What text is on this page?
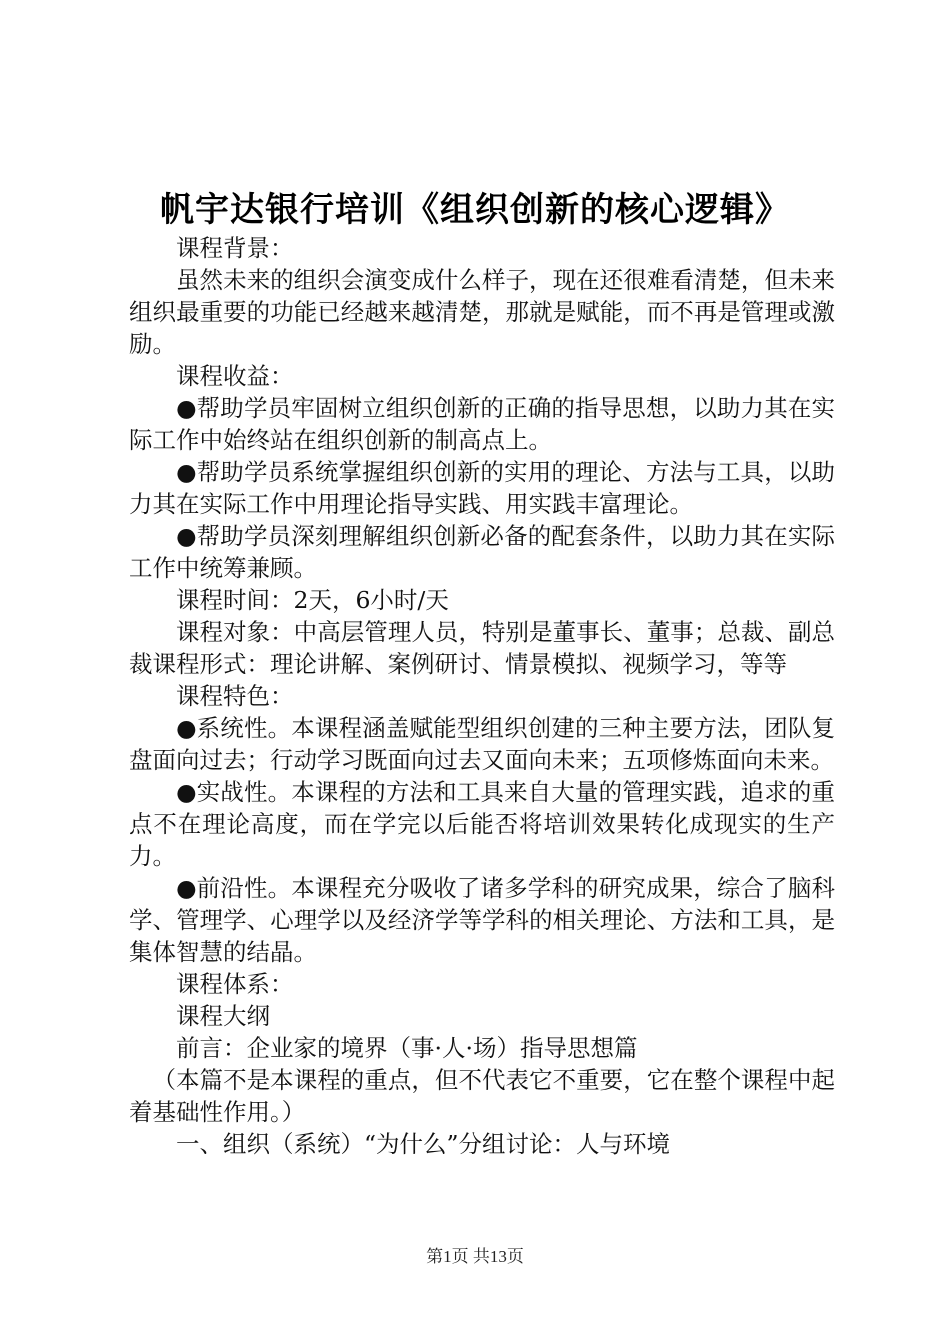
帆宇达银行培训《组织创新的核心逻辑》

课程背景：

虽然未来的组织会演变成什么样子，现在还很难看清楚，但未来组织最重要的功能已经越来越清楚，那就是赋能，而不再是管理或激励。

课程收益：

●帮助学员牢固树立组织创新的正确的指导思想，以助力其在实际工作中始终站在组织创新的制高点上。

●帮助学员系统掌握组织创新的实用的理论、方法与工具，以助力其在实际工作中用理论指导实践、用实践丰富理论。

●帮助学员深刻理解组织创新必备的配套条件，以助力其在实际工作中统筹兼顾。

课程时间：2天，6小时/天

课程对象：中高层管理人员，特别是董事长、董事；总裁、副总裁课程形式：理论讲解、案例研讨、情景模拟、视频学习，等等

课程特色：

●系统性。本课程涵盖赋能型组织创建的三种主要方法，团队复盘面向过去；行动学习既面向过去又面向未来；五项修炼面向未来。

●实战性。本课程的方法和工具来自大量的管理实践，追求的重点不在理论高度，而在学完以后能否将培训效果转化成现实的生产力。

●前沿性。本课程充分吸收了诸多学科的研究成果，综合了脑科学、管理学、心理学以及经济学等学科的相关理论、方法和工具，是集体智慧的结晶。

课程体系：

课程大纲

前言：企业家的境界（事·人·场）指导思想篇

（本篇不是本课程的重点，但不代表它不重要，它在整个课程中起着基础性作用。）

一、组织（系统）“为什么”分组讨论：人与环境

第1页 共13页
